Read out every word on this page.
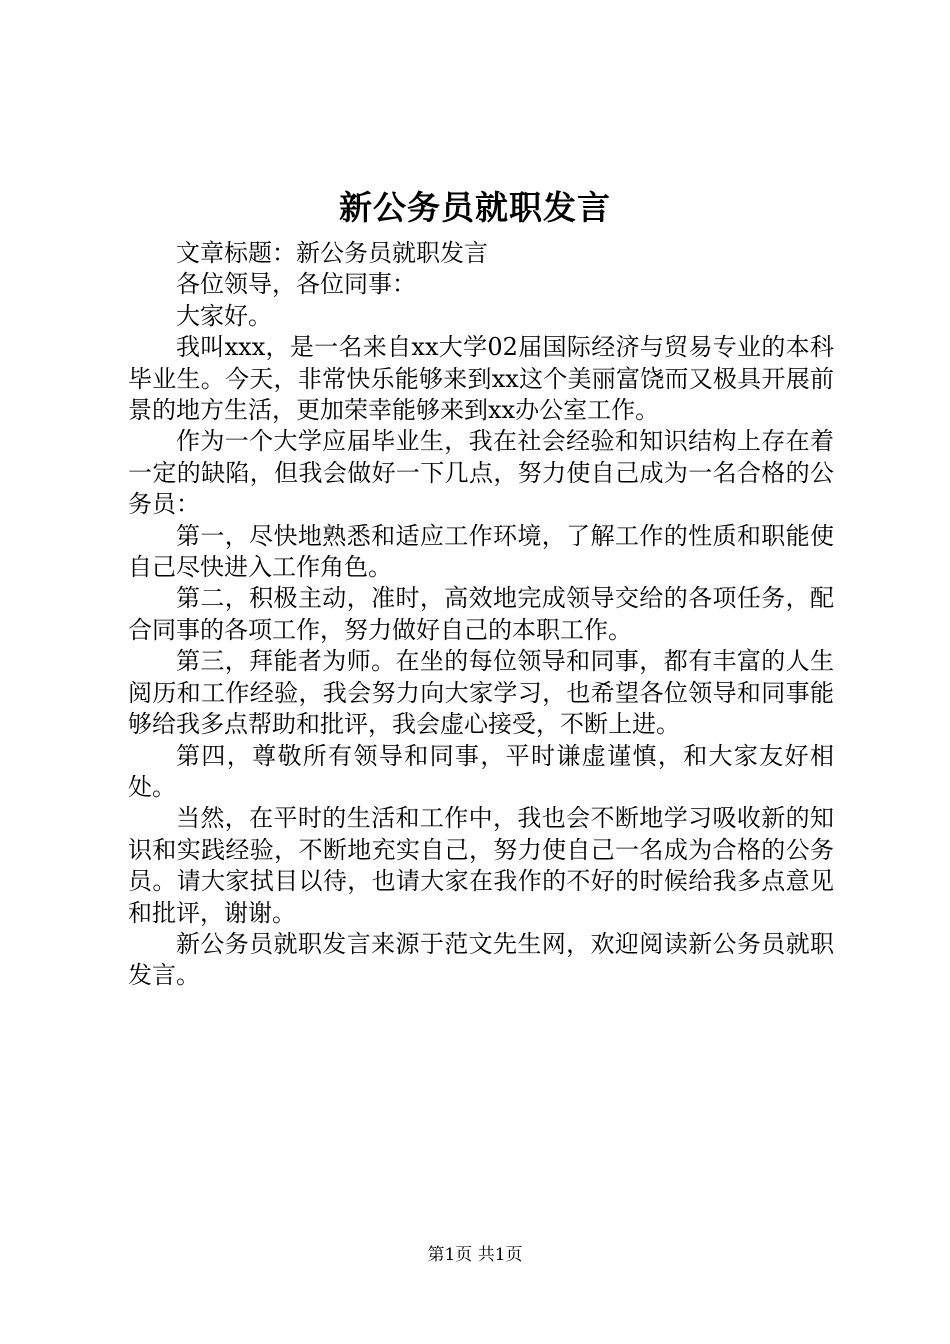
新公务员就职发言

文章标题：新公务员就职发言

各位领导，各位同事：

大家好。

我叫xxx，是一名来自xx大学02届国际经济与贸易专业的本科毕业生。今天，非常快乐能够来到xx这个美丽富饶而又极具开展前景的地方生活，更加荣幸能够来到xx办公室工作。

作为一个大学应届毕业生，我在社会经验和知识结构上存在着一定的缺陷，但我会做好一下几点，努力使自己成为一名合格的公务员：

第一，尽快地熟悉和适应工作环境，了解工作的性质和职能使自己尽快进入工作角色。

第二，积极主动，准时，高效地完成领导交给的各项任务，配合同事的各项工作，努力做好自己的本职工作。

第三，拜能者为师。在坐的每位领导和同事，都有丰富的人生阅历和工作经验，我会努力向大家学习，也希望各位领导和同事能够给我多点帮助和批评，我会虚心接受，不断上进。

第四，尊敬所有领导和同事，平时谦虚谨慎，和大家友好相处。

当然，在平时的生活和工作中，我也会不断地学习吸收新的知识和实践经验，不断地充实自己，努力使自己一名成为合格的公务员。请大家拭目以待，也请大家在我作的不好的时候给我多点意见和批评，谢谢。

新公务员就职发言来源于范文先生网，欢迎阅读新公务员就职发言。

第1页 共1页
